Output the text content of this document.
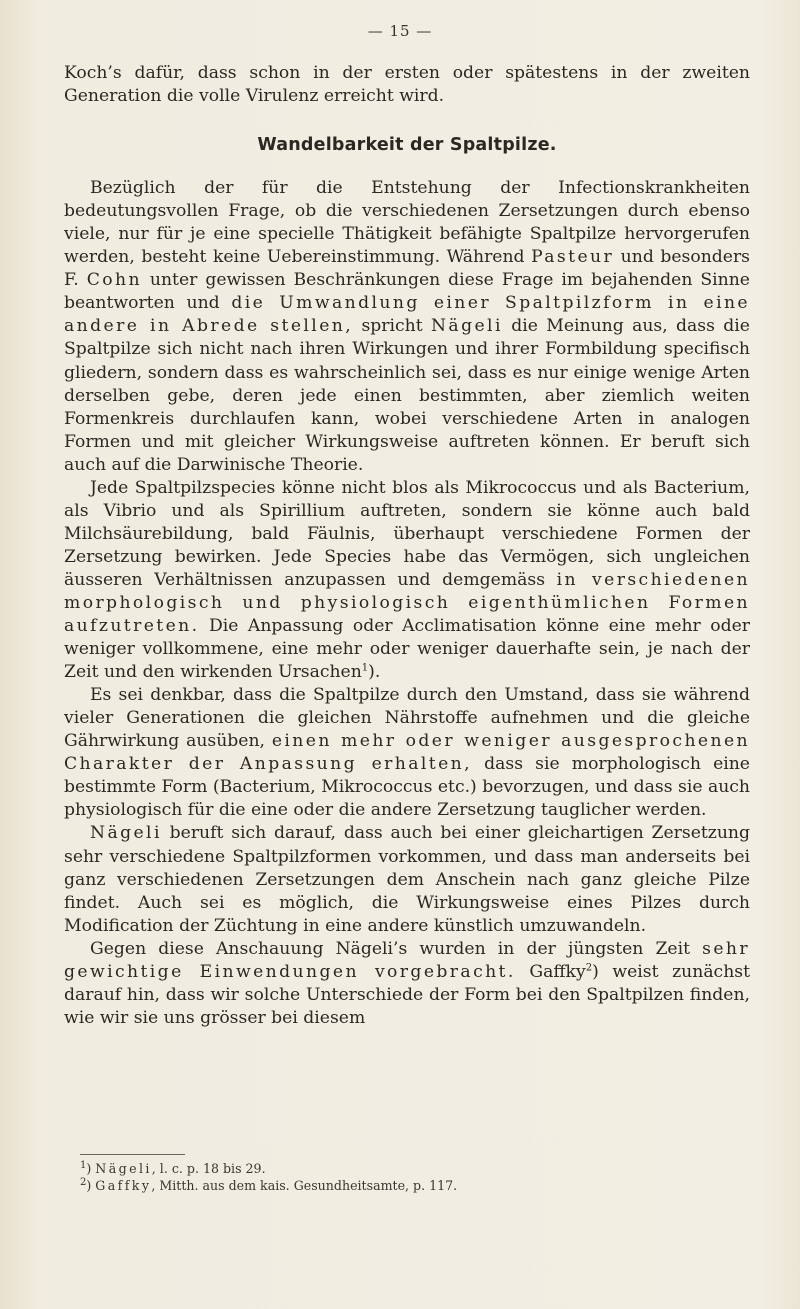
— 15 —

Koch’s dafür, dass schon in der ersten oder spätestens in der zweiten Generation die volle Virulenz erreicht wird.

Wandelbarkeit der Spaltpilze.

Bezüglich der für die Entstehung der Infectionskrankheiten bedeutungsvollen Frage, ob die verschiedenen Zersetzungen durch ebenso viele, nur für je eine specielle Thätigkeit befähigte Spaltpilze hervorgerufen werden, besteht keine Uebereinstimmung. Während Pasteur und besonders F. Cohn unter gewissen Beschränkungen diese Frage im bejahenden Sinne beantworten und die Umwandlung einer Spaltpilzform in eine andere in Abrede stellen, spricht Nägeli die Meinung aus, dass die Spaltpilze sich nicht nach ihren Wirkungen und ihrer Formbildung specifisch gliedern, sondern dass es wahrscheinlich sei, dass es nur einige wenige Arten derselben gebe, deren jede einen bestimmten, aber ziemlich weiten Formenkreis durchlaufen kann, wobei verschiedene Arten in analogen Formen und mit gleicher Wirkungsweise auftreten können. Er beruft sich auch auf die Darwinische Theorie.

Jede Spaltpilzspecies könne nicht blos als Mikrococcus und als Bacterium, als Vibrio und als Spirillium auftreten, sondern sie könne auch bald Milchsäurebildung, bald Fäulnis, überhaupt verschiedene Formen der Zersetzung bewirken. Jede Species habe das Vermögen, sich ungleichen äusseren Verhältnissen anzupassen und demgemäss in verschiedenen morphologisch und physiologisch eigenthümlichen Formen aufzutreten. Die Anpassung oder Acclimatisation könne eine mehr oder weniger vollkommene, eine mehr oder weniger dauerhafte sein, je nach der Zeit und den wirkenden Ursachen$^1$).

Es sei denkbar, dass die Spaltpilze durch den Umstand, dass sie während vieler Generationen die gleichen Nährstoffe aufnehmen und die gleiche Gährwirkung ausüben, einen mehr oder weniger ausgesprochenen Charakter der Anpassung erhalten, dass sie morphologisch eine bestimmte Form (Bacterium, Mikrococcus etc.) bevorzugen, und dass sie auch physiologisch für die eine oder die andere Zersetzung tauglicher werden.

Nägeli beruft sich darauf, dass auch bei einer gleichartigen Zersetzung sehr verschiedene Spaltpilzformen vorkommen, und dass man anderseits bei ganz verschiedenen Zersetzungen dem Anschein nach ganz gleiche Pilze findet. Auch sei es möglich, die Wirkungsweise eines Pilzes durch Modification der Züchtung in eine andere künstlich umzuwandeln.

Gegen diese Anschauung Nägeli’s wurden in der jüngsten Zeit sehr gewichtige Einwendungen vorgebracht. Gaffky$^2$) weist zunächst darauf hin, dass wir solche Unterschiede der Form bei den Spaltpilzen finden, wie wir sie uns grösser bei diesem

$^1$) Nägeli, l. c. p. 18 bis 29.

$^2$) Gaffky, Mitth. aus dem kais. Gesundheitsamte, p. 117.
